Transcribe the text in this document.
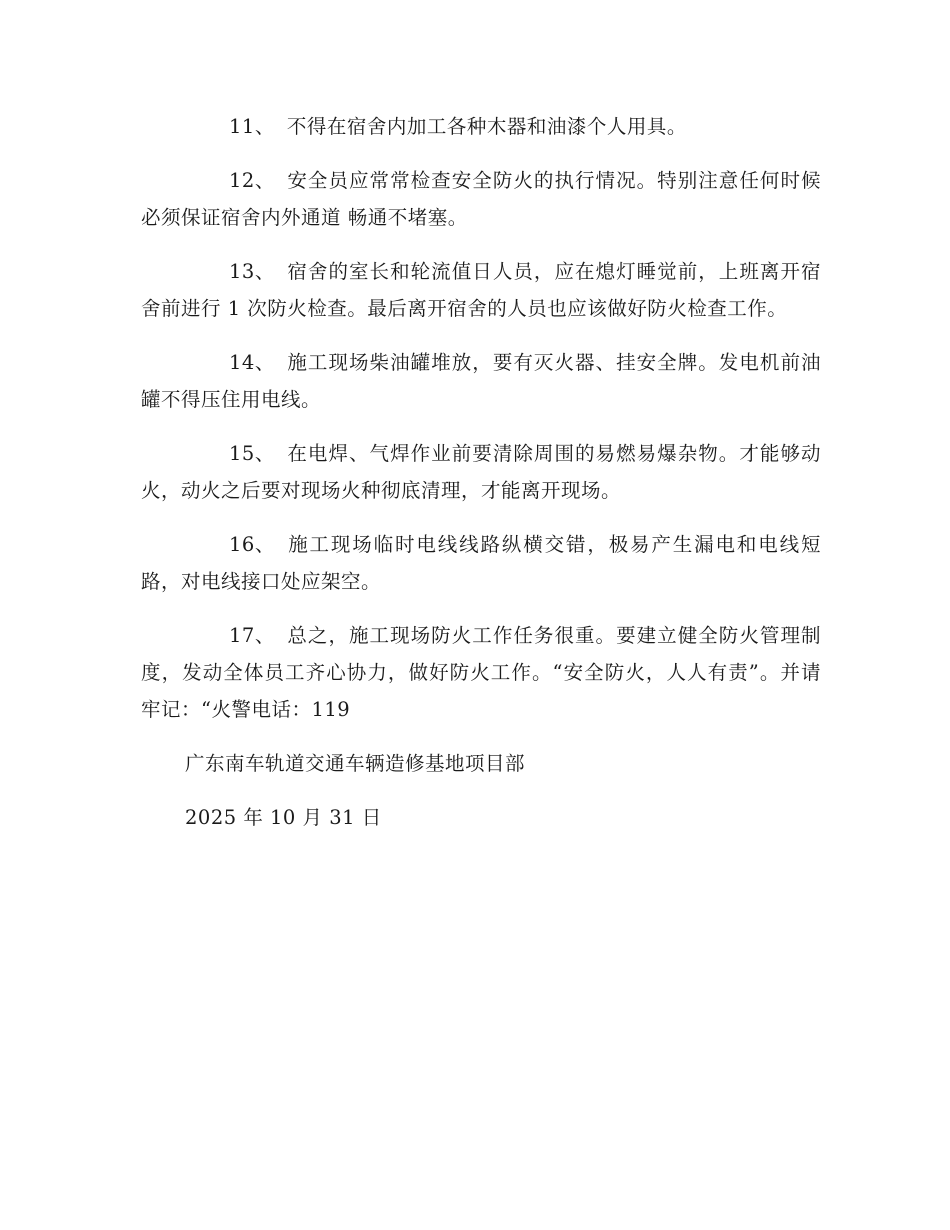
11、 不得在宿舍内加工各种木器和油漆个人用具。

12、 安全员应常常检查安全防火的执行情况。特别注意任何时候必须保证宿舍内外通道 畅通不堵塞。

13、 宿舍的室长和轮流值日人员，应在熄灯睡觉前，上班离开宿舍前进行 1 次防火检查。最后离开宿舍的人员也应该做好防火检查工作。

14、 施工现场柴油罐堆放，要有灭火器、挂安全牌。发电机前油罐不得压住用电线。

15、 在电焊、气焊作业前要清除周围的易燃易爆杂物。才能够动火，动火之后要对现场火种彻底清理，才能离开现场。

16、 施工现场临时电线线路纵横交错，极易产生漏电和电线短路，对电线接口处应架空。

17、 总之，施工现场防火工作任务很重。要建立健全防火管理制度，发动全体员工齐心协力，做好防火工作。“安全防火，人人有责”。并请牢记：“火警电话：119

广东南车轨道交通车辆造修基地项目部

2025 年 10 月 31 日
